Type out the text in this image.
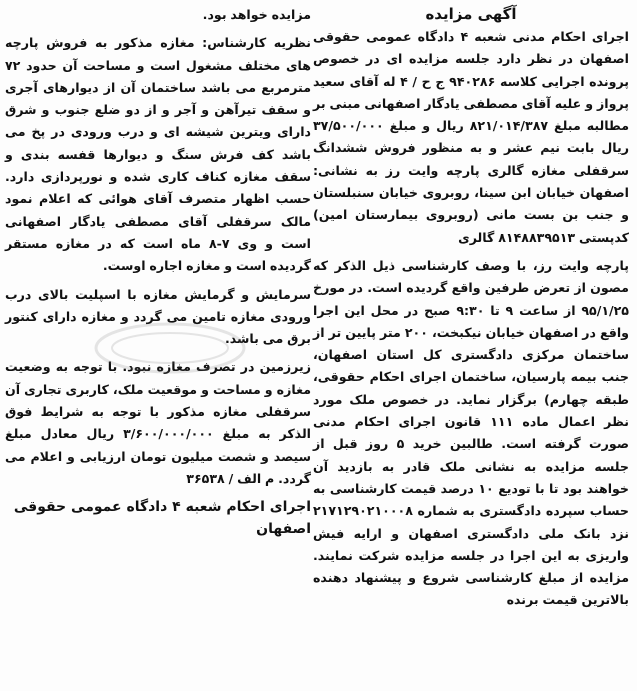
آگهی مزایده

اجرای احکام مدنی شعبه ۴ دادگاه عمومی حقوقی اصفهان در نظر دارد جلسه مزایده ای در خصوص پرونده اجرایی کلاسه ۹۴۰۲۸۶ ج ح / ۴ له آقای سعید پرواز و علیه آقای مصطفی یادگار اصفهانی مبنی بر مطالبه مبلغ ۸۲۱/۰۱۴/۳۸۷ ریال و مبلغ ۳۷/۵۰۰/۰۰۰ ریال بابت نیم عشر و به منظور فروش ششدانگ سرقفلی مغازه گالری پارچه وایت رز به نشانی: اصفهان خیابان ابن سینا، روبروی خیابان سنبلستان و جنب بن بست مانی (روبروی بیمارستان امین) کدپستی ۸۱۴۸۸۳۹۵۱۳ گالری

پارچه وایت رز، با وصف کارشناسی ذیل الذکر که مصون از تعرض طرفین واقع گردیده است. در مورخ ۹۵/۱/۲۵ از ساعت ۹ تا ۹:۳۰ صبح در محل این اجرا واقع در اصفهان خیابان نیکبخت، ۲۰۰ متر پایین تر از ساختمان مرکزی دادگستری کل استان اصفهان، جنب بیمه پارسیان، ساختمان اجرای احکام حقوقی، طبقه چهارم) برگزار نماید. در خصوص ملک مورد نظر اعمال ماده ۱۱۱ قانون اجرای احکام مدنی صورت گرفته است. طالبین خرید ۵ روز قبل از جلسه مزایده به نشانی ملک قادر به بازدید آن خواهند بود تا با تودیع ۱۰ درصد قیمت کارشناسی به حساب سپرده دادگستری به شماره ۲۱۷۱۲۹۰۲۱۰۰۰۸ نزد بانک ملی دادگستری اصفهان و ارایه فیش واریزی به این اجرا در جلسه مزایده شرکت نمایند. مزایده از مبلغ کارشناسی شروع و پیشنهاد دهنده بالاترین قیمت برنده

مزایده خواهد بود.

نظریه کارشناس: مغازه مذکور به فروش پارچه های مختلف مشغول است و مساحت آن حدود ۷۲ مترمربع می باشد ساختمان آن از دیوارهای آجری و سقف تیرآهن و آجر و از دو ضلع جنوب و شرق دارای ویترین شیشه ای و درب ورودی در پخ می باشد کف فرش سنگ و دیوارها قفسه بندی و سقف مغازه کناف کاری شده و نورپردازی دارد. حسب اظهار متصرف آقای هوائی که اعلام نمود مالک سرقفلی آقای مصطفی یادگار اصفهانی است و وی ۷-۸ ماه است که در مغازه مستقر گردیده است و مغازه اجاره اوست.

سرمایش و گرمایش مغازه با اسپلیت بالای درب ورودی مغازه تامین می گردد و مغازه دارای کنتور برق می باشد.

زیرزمین در تصرف مغازه نبود. با توجه به وضعیت مغازه و مساحت و موقعیت ملک، کاربری تجاری آن سرقفلی مغازه مذکور با توجه به شرایط فوق الذکر به مبلغ ۳/۶۰۰/۰۰۰/۰۰۰ ریال معادل مبلغ سیصد و شصت میلیون تومان ارزیابی و اعلام می گردد. م الف / ۳۶۵۳۸

اجرای احکام شعبه ۴ دادگاه عمومی حقوقی اصفهان
